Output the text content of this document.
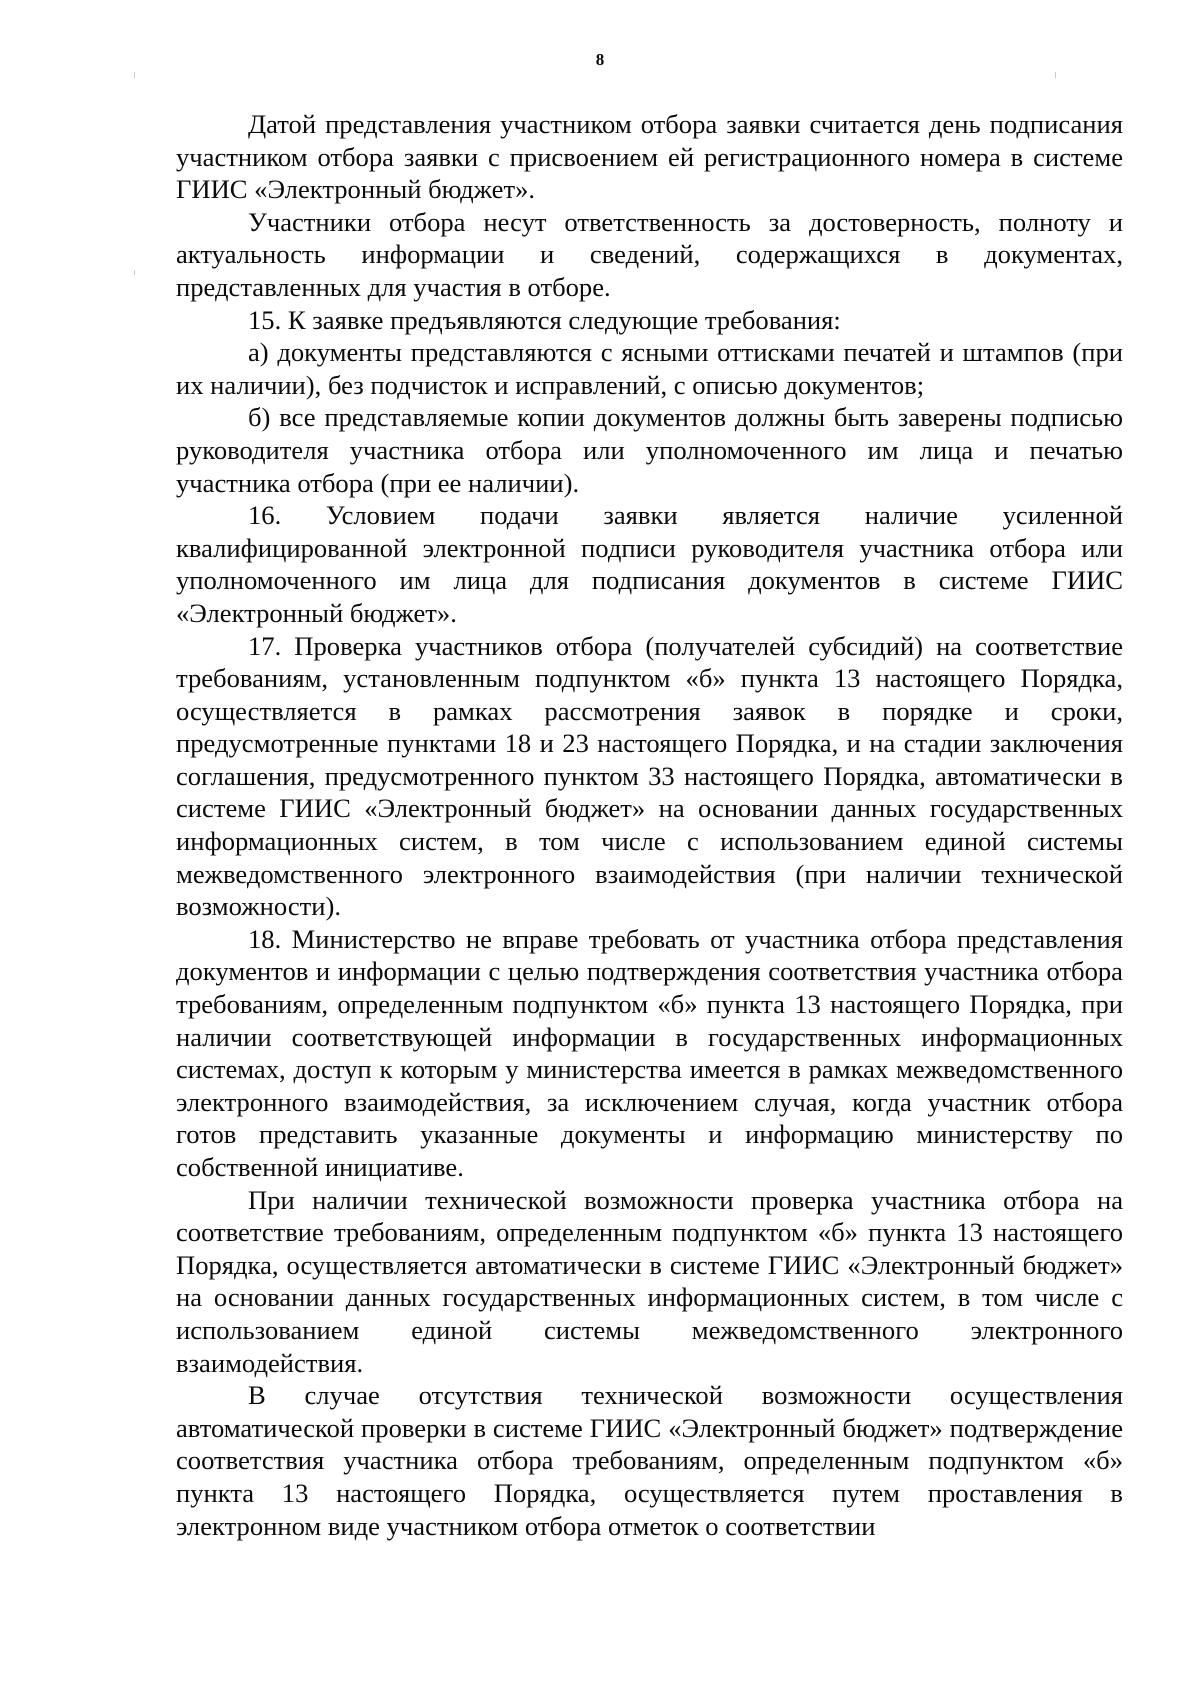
8

Датой представления участником отбора заявки считается день подписания участником отбора заявки с присвоением ей регистрационного номера в системе ГИИС «Электронный бюджет».

Участники отбора несут ответственность за достоверность, полноту и актуальность информации и сведений, содержащихся в документах, представленных для участия в отборе.

15. К заявке предъявляются следующие требования:

а) документы представляются с ясными оттисками печатей и штампов (при их наличии), без подчисток и исправлений, с описью документов;

б) все представляемые копии документов должны быть заверены подписью руководителя участника отбора или уполномоченного им лица и печатью участника отбора (при ее наличии).

16. Условием подачи заявки является наличие усиленной квалифицированной электронной подписи руководителя участника отбора или уполномоченного им лица для подписания документов в системе ГИИС «Электронный бюджет».

17. Проверка участников отбора (получателей субсидий) на соответствие требованиям, установленным подпунктом «б» пункта 13 настоящего Порядка, осуществляется в рамках рассмотрения заявок в порядке и сроки, предусмотренные пунктами 18 и 23 настоящего Порядка, и на стадии заключения соглашения, предусмотренного пунктом 33 настоящего Порядка, автоматически в системе ГИИС «Электронный бюджет» на основании данных государственных информационных систем, в том числе с использованием единой системы межведомственного электронного взаимодействия (при наличии технической возможности).

18. Министерство не вправе требовать от участника отбора представления документов и информации с целью подтверждения соответствия участника отбора требованиям, определенным подпунктом «б» пункта 13 настоящего Порядка, при наличии соответствующей информации в государственных информационных системах, доступ к которым у министерства имеется в рамках межведомственного электронного взаимодействия, за исключением случая, когда участник отбора готов представить указанные документы и информацию министерству по собственной инициативе.

При наличии технической возможности проверка участника отбора на соответствие требованиям, определенным подпунктом «б» пункта 13 настоящего Порядка, осуществляется автоматически в системе ГИИС «Электронный бюджет» на основании данных государственных информационных систем, в том числе с использованием единой системы межведомственного электронного взаимодействия.

В случае отсутствия технической возможности осуществления автоматической проверки в системе ГИИС «Электронный бюджет» подтверждение соответствия участника отбора требованиям, определенным подпунктом «б» пункта 13 настоящего Порядка, осуществляется путем проставления в электронном виде участником отбора отметок о соответствии
